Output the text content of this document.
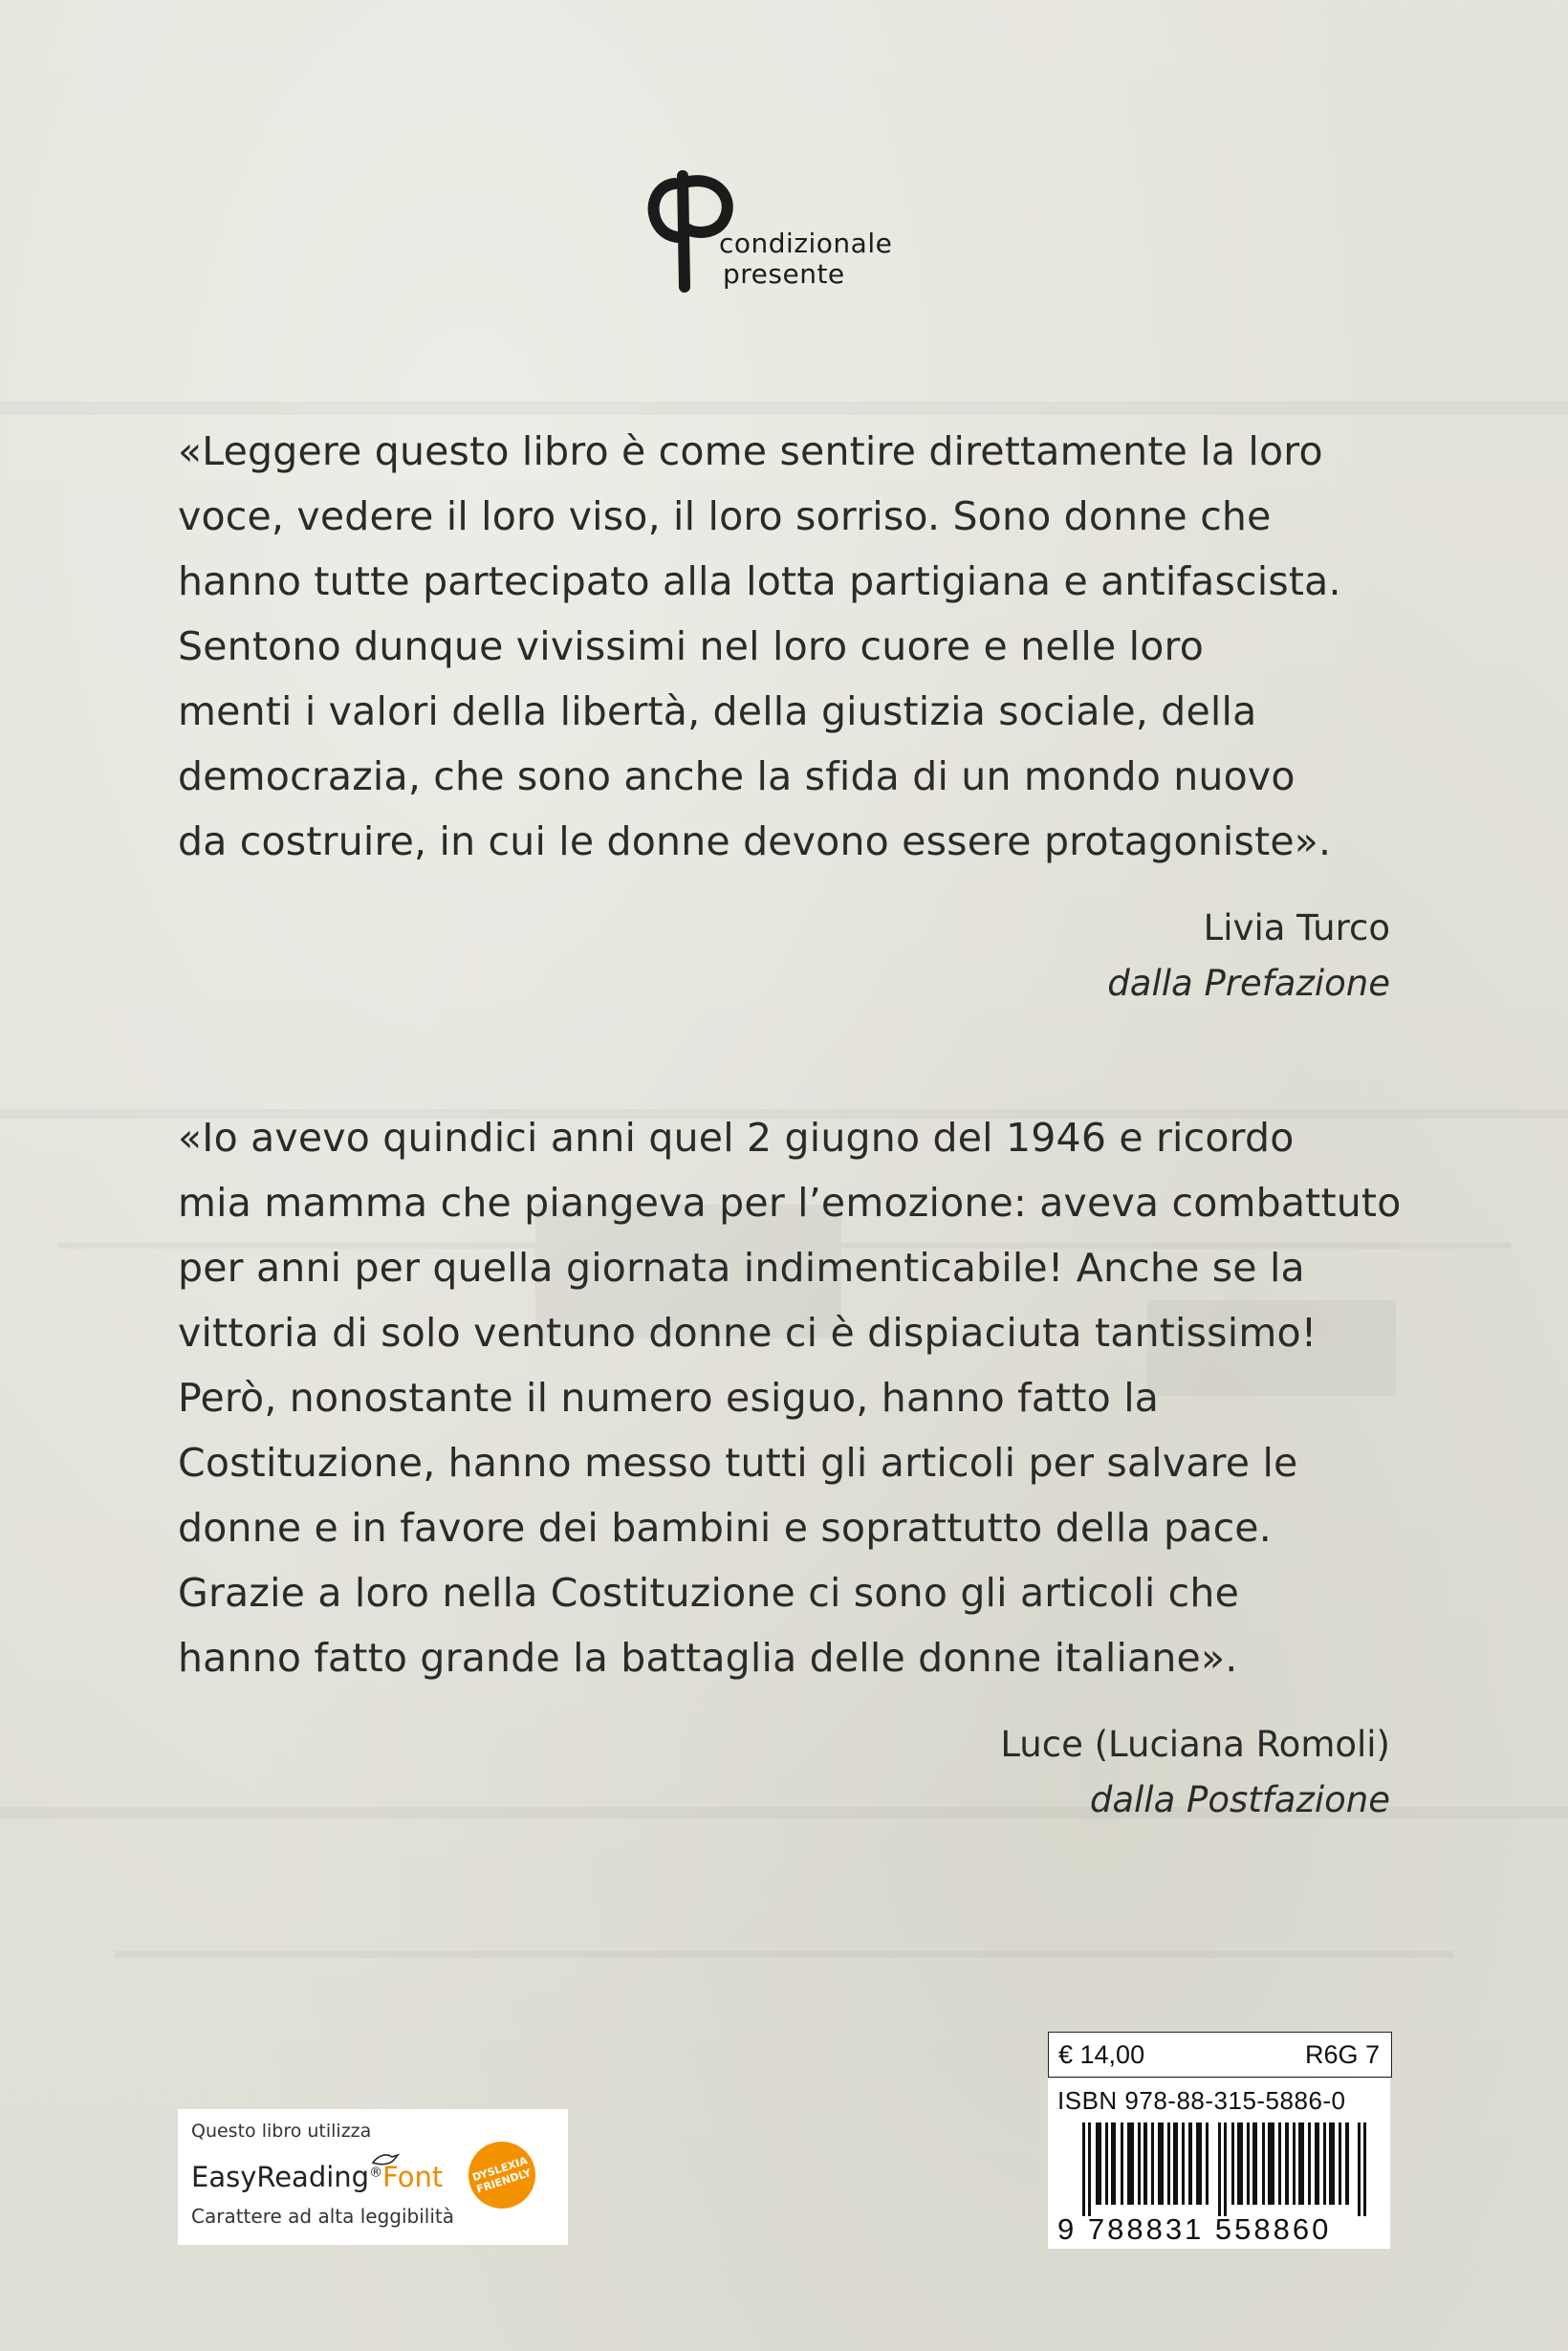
condizionale
presente
«Leggere questo libro è come sentire direttamente la loro
voce, vedere il loro viso, il loro sorriso. Sono donne che
hanno tutte partecipato alla lotta partigiana e antifascista.
Sentono dunque vivissimi nel loro cuore e nelle loro
menti i valori della libertà, della giustizia sociale, della
democrazia, che sono anche la sfida di un mondo nuovo
da costruire, in cui le donne devono essere protagoniste».
Livia Turco
dalla Prefazione
«Io avevo quindici anni quel 2 giugno del 1946 e ricordo
mia mamma che piangeva per l’emozione: aveva combattuto
per anni per quella giornata indimenticabile! Anche se la
vittoria di solo ventuno donne ci è dispiaciuta tantissimo!
Però, nonostante il numero esiguo, hanno fatto la
Costituzione, hanno messo tutti gli articoli per salvare le
donne e in favore dei bambini e soprattutto della pace.
Grazie a loro nella Costituzione ci sono gli articoli che
hanno fatto grande la battaglia delle donne italiane».
Luce (Luciana Romoli)
dalla Postfazione
Questo libro utilizza
EasyReading®Font
Carattere ad alta leggibilità
DYSLEXIA FRIENDLY
€ 14,00	R6G 7
ISBN 978-88-315-5886-0
9 788831 558860
